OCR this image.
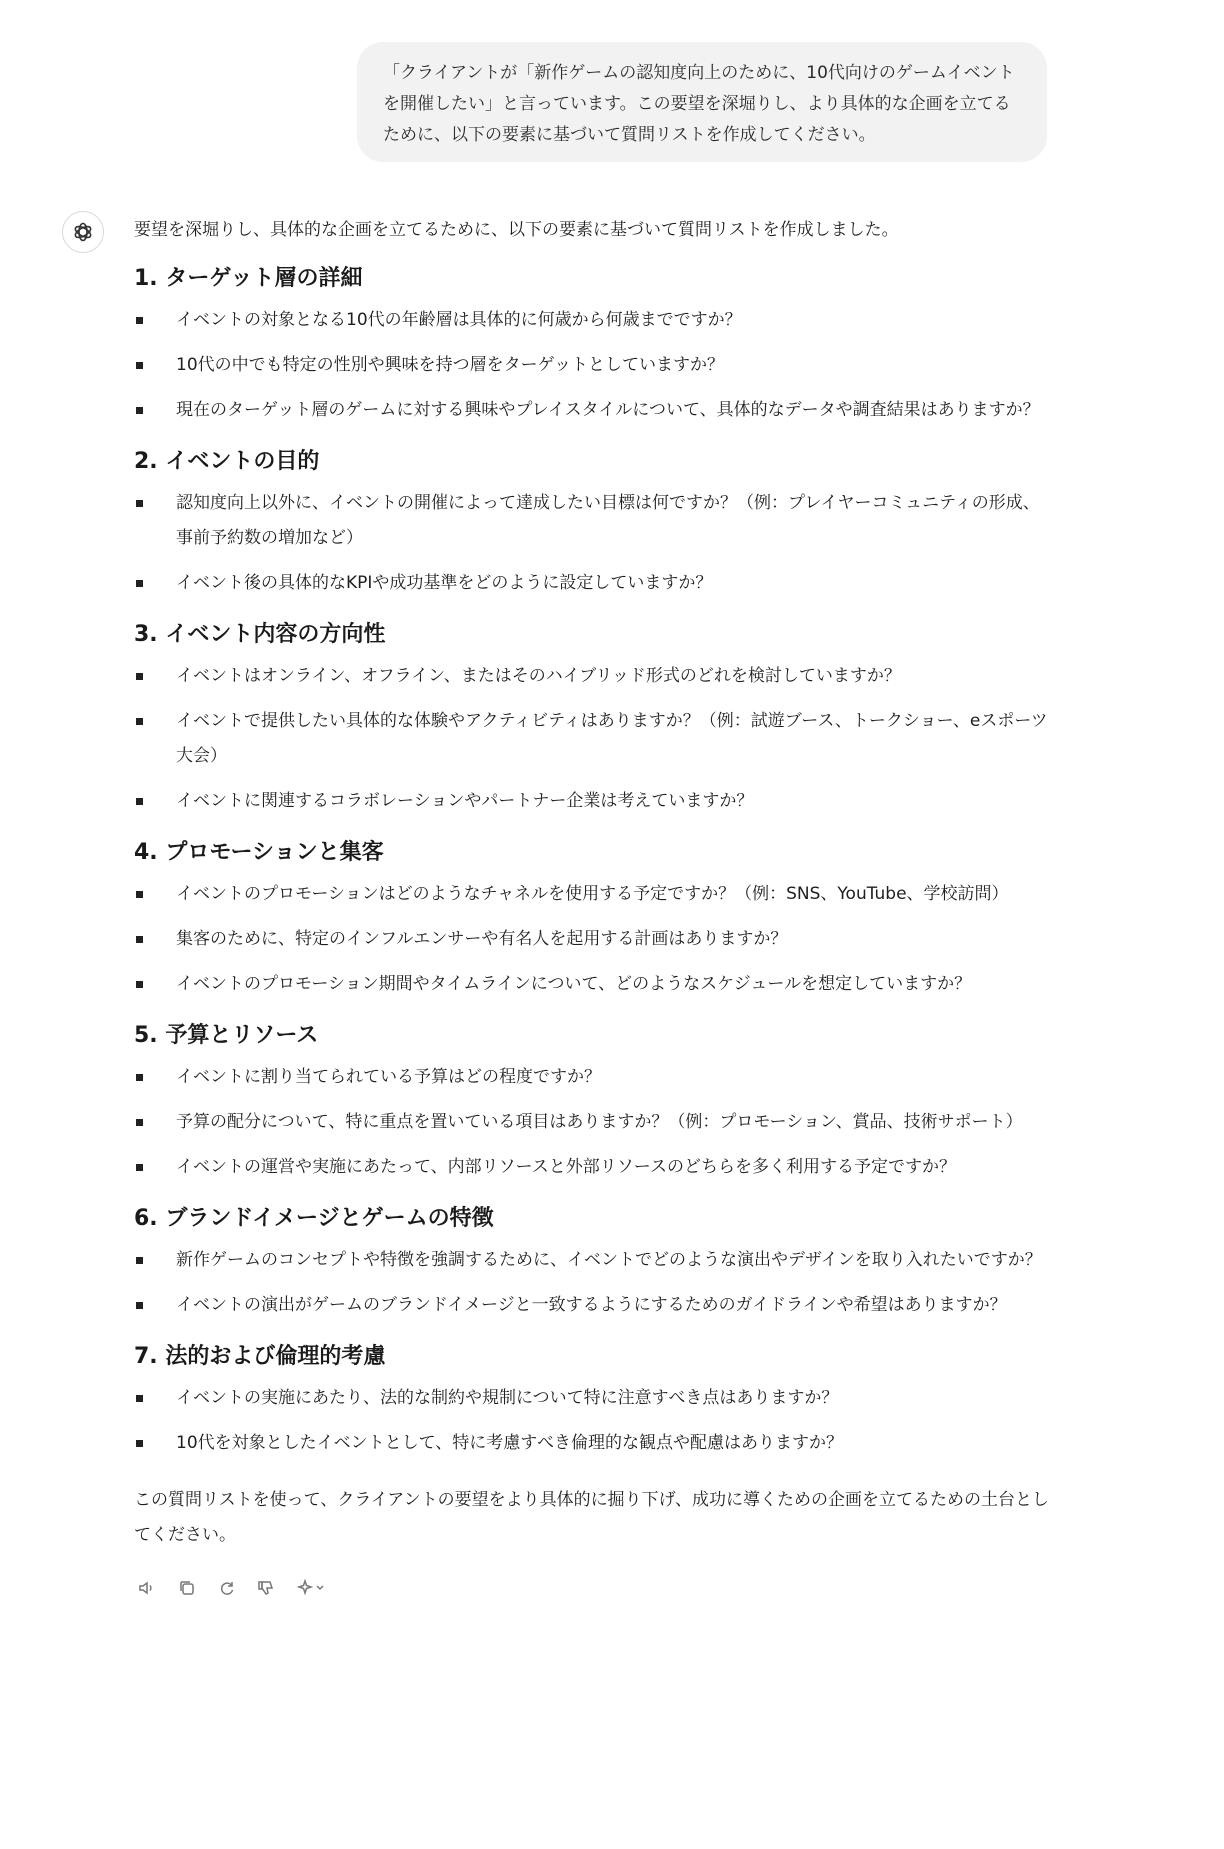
「クライアントが「新作ゲームの認知度向上のために、10代向けのゲームイベントを開催したい」と言っています。この要望を深堀りし、より具体的な企画を立てるために、以下の要素に基づいて質問リストを作成してください。

要望を深堀りし、具体的な企画を立てるために、以下の要素に基づいて質問リストを作成しました。

1. ターゲット層の詳細
イベントの対象となる10代の年齢層は具体的に何歳から何歳までですか？
10代の中でも特定の性別や興味を持つ層をターゲットとしていますか？
現在のターゲット層のゲームに対する興味やプレイスタイルについて、具体的なデータや調査結果はありますか？
2. イベントの目的
認知度向上以外に、イベントの開催によって達成したい目標は何ですか？（例：プレイヤーコミュニティの形成、事前予約数の増加など）
イベント後の具体的なKPIや成功基準をどのように設定していますか？
3. イベント内容の方向性
イベントはオンライン、オフライン、またはそのハイブリッド形式のどれを検討していますか？
イベントで提供したい具体的な体験やアクティビティはありますか？（例：試遊ブース、トークショー、eスポーツ大会）
イベントに関連するコラボレーションやパートナー企業は考えていますか？
4. プロモーションと集客
イベントのプロモーションはどのようなチャネルを使用する予定ですか？（例：SNS、YouTube、学校訪問）
集客のために、特定のインフルエンサーや有名人を起用する計画はありますか？
イベントのプロモーション期間やタイムラインについて、どのようなスケジュールを想定していますか？
5. 予算とリソース
イベントに割り当てられている予算はどの程度ですか？
予算の配分について、特に重点を置いている項目はありますか？（例：プロモーション、賞品、技術サポート）
イベントの運営や実施にあたって、内部リソースと外部リソースのどちらを多く利用する予定ですか？
6. ブランドイメージとゲームの特徴
新作ゲームのコンセプトや特徴を強調するために、イベントでどのような演出やデザインを取り入れたいですか？
イベントの演出がゲームのブランドイメージと一致するようにするためのガイドラインや希望はありますか？
7. 法的および倫理的考慮
イベントの実施にあたり、法的な制約や規制について特に注意すべき点はありますか？
10代を対象としたイベントとして、特に考慮すべき倫理的な観点や配慮はありますか？

この質問リストを使って、クライアントの要望をより具体的に掘り下げ、成功に導くための企画を立てるための土台としてください。
